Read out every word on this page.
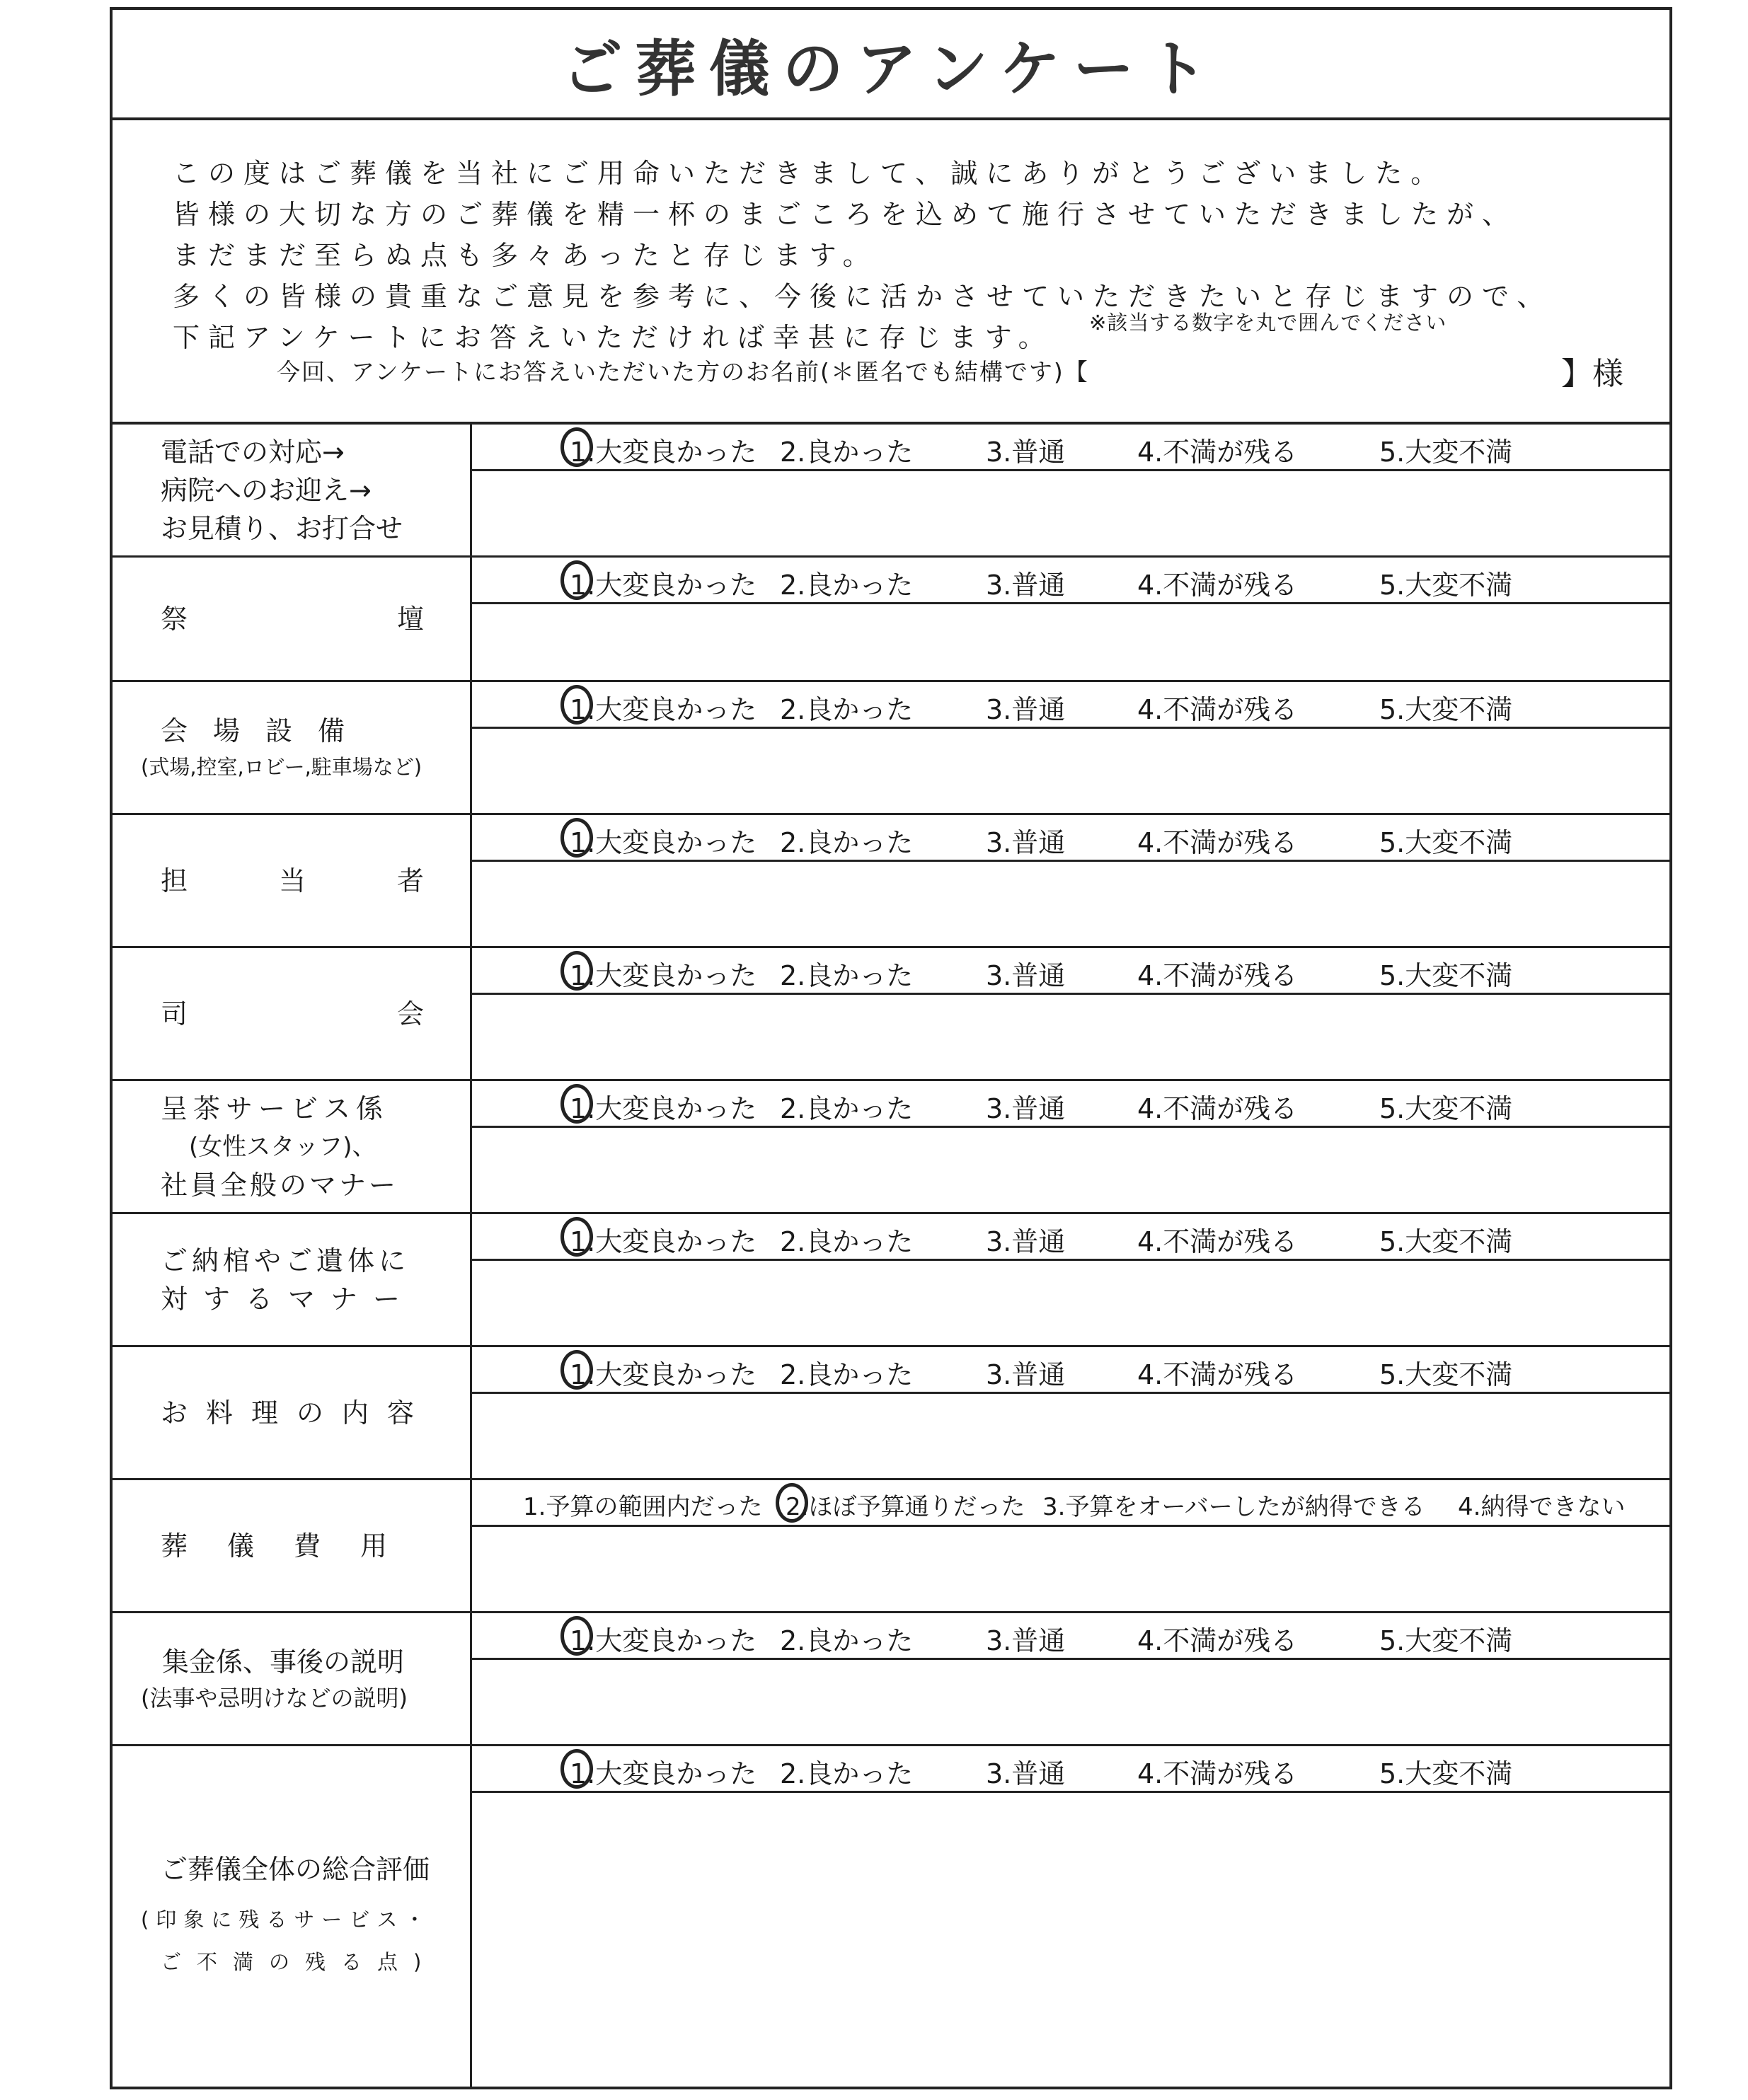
ご葬儀のアンケート
この度はご葬儀を当社にご用命いただきまして、誠にありがとうございました。
皆様の大切な方のご葬儀を精一杯のまごころを込めて施行させていただきましたが、
まだまだ至らぬ点も多々あったと存じます。
多くの皆様の貴重なご意見を参考に、今後に活かさせていただきたいと存じますので、
下記アンケートにお答えいただければ幸甚に存じます。	※該当する数字を丸で囲んでください
今回、アンケートにお答えいただいた方のお名前(＊匿名でも結構です)【	】様
電話での対応→
病院へのお迎え→
お見積り、お打合せ
1.大変良かった 2.良かった	3.普通	4.不満が残る	5.大変不満
祭	壇
1.大変良かった 2.良かった	3.普通	4.不満が残る	5.大変不満
会場設備
(式場,控室,ロビー,駐車場など)
1.大変良かった 2.良かった	3.普通	4.不満が残る	5.大変不満
担	当	者
1.大変良かった 2.良かった	3.普通	4.不満が残る	5.大変不満
司	会
1.大変良かった 2.良かった	3.普通	4.不満が残る	5.大変不満
呈茶サービス係
(女性スタッフ)、
社員全般のマナー
1.大変良かった 2.良かった	3.普通	4.不満が残る	5.大変不満
ご納棺やご遺体に
対するマナー
1.大変良かった 2.良かった	3.普通	4.不満が残る	5.大変不満
お料理の内容
1.大変良かった 2.良かった	3.普通	4.不満が残る	5.大変不満
葬儀費用
1.予算の範囲内だった 2.ほぼ予算通りだった 3.予算をオーバーしたが納得できる 4.納得できない
集金係、事後の説明
(法事や忌明けなどの説明)
1.大変良かった 2.良かった	3.普通	4.不満が残る	5.大変不満
ご葬儀全体の総合評価
(印象に残るサービス・
ご不満の残る点)
1.大変良かった 2.良かった	3.普通	4.不満が残る	5.大変不満
